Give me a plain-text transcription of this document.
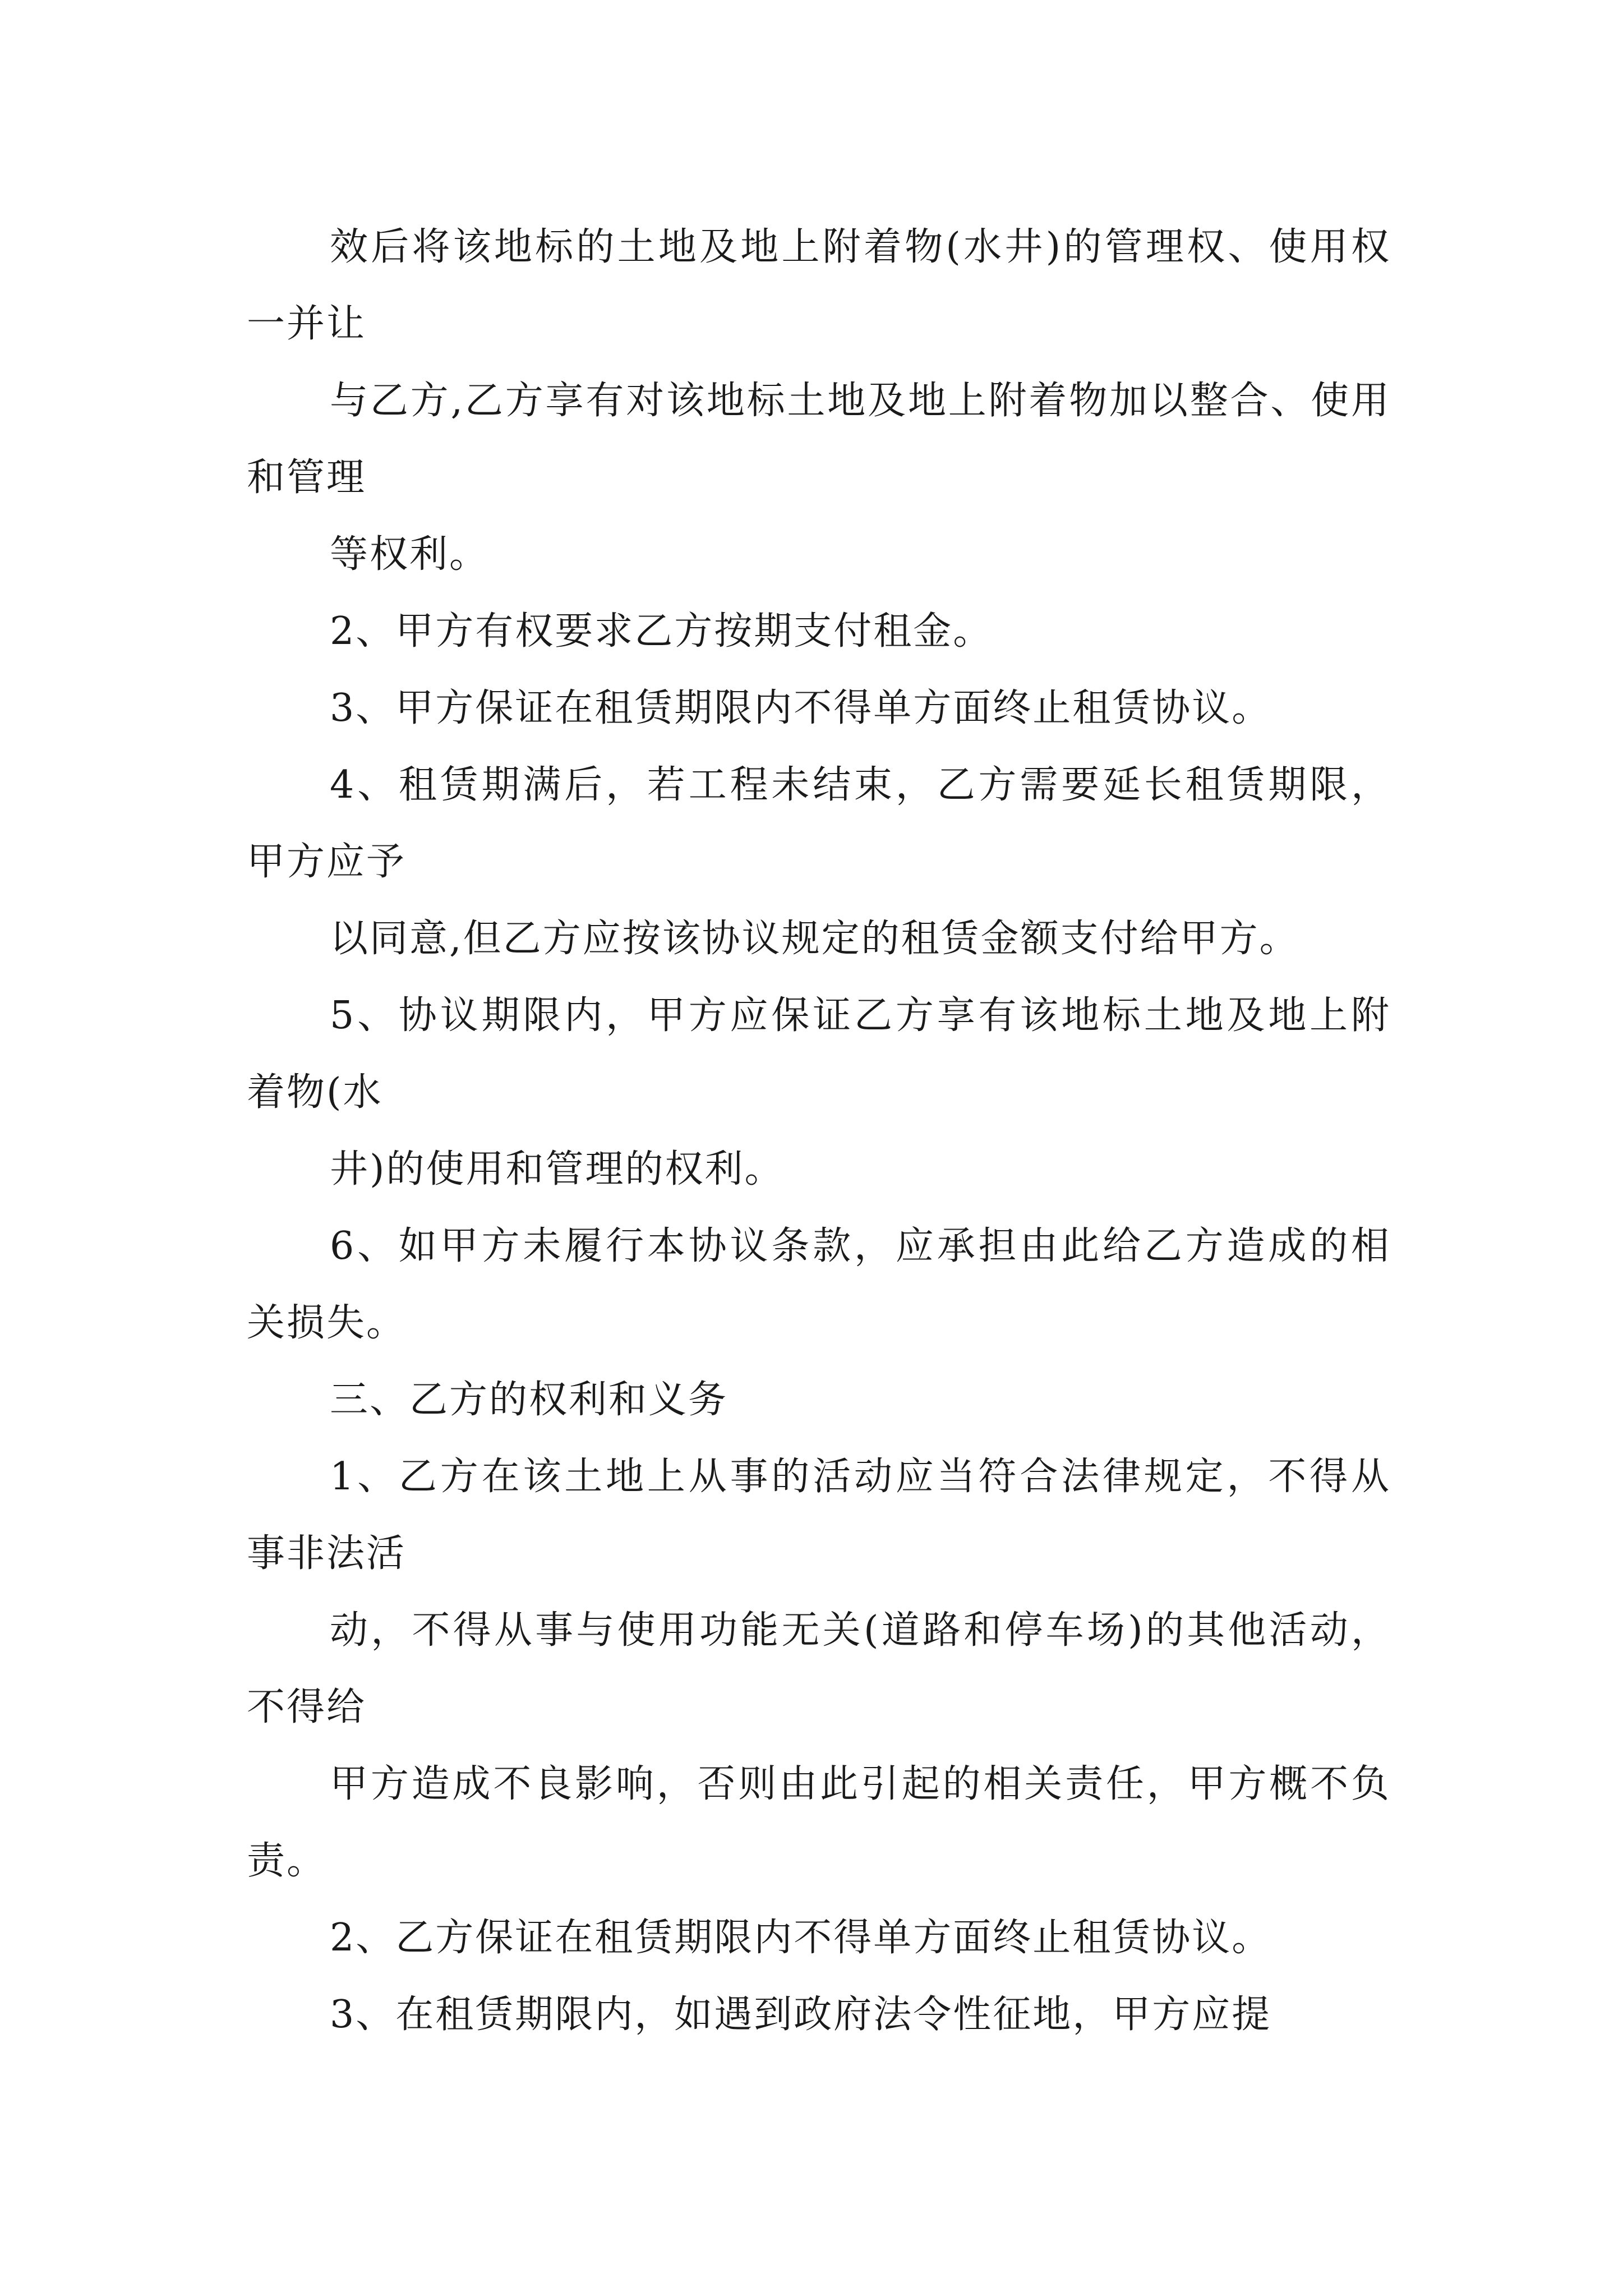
效后将该地标的土地及地上附着物(水井)的管理权、使用权一并让

与乙方,乙方享有对该地标土地及地上附着物加以整合、使用和管理

等权利。

2、甲方有权要求乙方按期支付租金。

3、甲方保证在租赁期限内不得单方面终止租赁协议。

4、租赁期满后，若工程未结束，乙方需要延长租赁期限，甲方应予

以同意,但乙方应按该协议规定的租赁金额支付给甲方。

5、协议期限内，甲方应保证乙方享有该地标土地及地上附着物(水

井)的使用和管理的权利。

6、如甲方未履行本协议条款，应承担由此给乙方造成的相关损失。

三、乙方的权利和义务

1、乙方在该土地上从事的活动应当符合法律规定，不得从事非法活

动，不得从事与使用功能无关(道路和停车场)的其他活动，不得给

甲方造成不良影响，否则由此引起的相关责任，甲方概不负责。

2、乙方保证在租赁期限内不得单方面终止租赁协议。

3、在租赁期限内，如遇到政府法令性征地，甲方应提
